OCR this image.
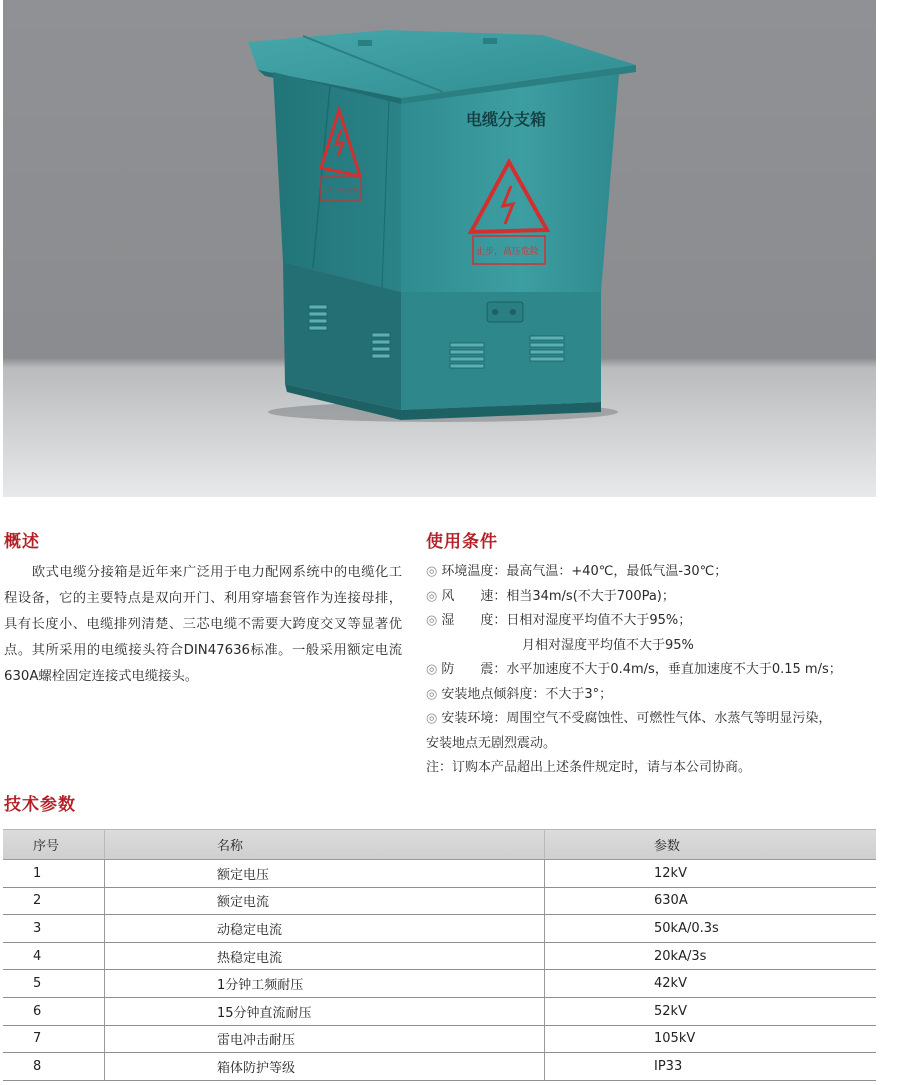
电缆分支箱
止步，高压危险
止步，高压危险
概述
欧式电缆分接箱是近年来广泛用于电力配网系统中的电缆化工程设备，它的主要特点是双向开门、利用穿墙套管作为连接母排，具有长度小、电缆排列清楚、三芯电缆不需要大跨度交叉等显著优点。其所采用的电缆接头符合DIN47636标准。一般采用额定电流630A螺栓固定连接式电缆接头。
使用条件
◎ 环境温度：最高气温：+40℃，最低气温-30℃；
◎ 风　　速：相当34m/s(不大于700Pa)；
◎ 湿　　度：日相对湿度平均值不大于95%；
月相对湿度平均值不大于95%
◎ 防　　震：水平加速度不大于0.4m/s，垂直加速度不大于0.15 m/s；
◎ 安装地点倾斜度：不大于3°；
◎ 安装环境：周围空气不受腐蚀性、可燃性气体、水蒸气等明显污染，
安装地点无剧烈震动。
注：订购本产品超出上述条件规定时，请与本公司协商。
技术参数
序号	名称	参数
1	额定电压	12kV
2	额定电流	630A
3	动稳定电流	50kA/0.3s
4	热稳定电流	20kA/3s
5	1分钟工频耐压	42kV
6	15分钟直流耐压	52kV
7	雷电冲击耐压	105kV
8	箱体防护等级	IP33
